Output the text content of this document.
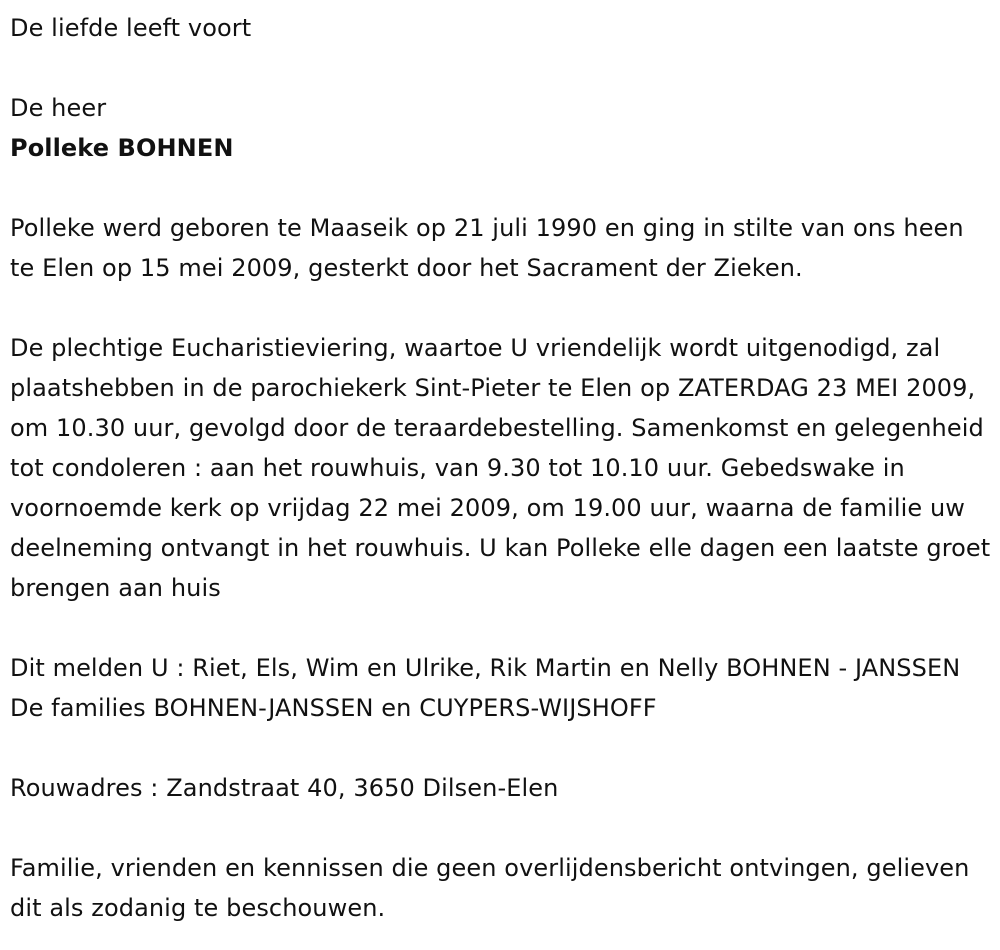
De liefde leeft voort

De heer

Polleke BOHNEN

Polleke werd geboren te Maaseik op 21 juli 1990 en ging in stilte van ons heen te Elen op 15 mei 2009, gesterkt door het Sacrament der Zieken.

De plechtige Eucharistieviering, waartoe U vriendelijk wordt uitgenodigd, zal plaatshebben in de parochiekerk Sint-Pieter te Elen op ZATERDAG 23 MEI 2009, om 10.30 uur, gevolgd door de teraardebestelling. Samenkomst en gelegenheid tot condoleren : aan het rouwhuis, van 9.30 tot 10.10 uur. Gebedswake in voornoemde kerk op vrijdag 22 mei 2009, om 19.00 uur, waarna de familie uw deelneming ontvangt in het rouwhuis. U kan Polleke elle dagen een laatste groet brengen aan huis

Dit melden U : Riet, Els, Wim en Ulrike, Rik Martin en Nelly BOHNEN - JANSSEN De families BOHNEN-JANSSEN en CUYPERS-WIJSHOFF

Rouwadres : Zandstraat 40, 3650 Dilsen-Elen

Familie, vrienden en kennissen die geen overlijdensbericht ontvingen, gelieven dit als zodanig te beschouwen.
